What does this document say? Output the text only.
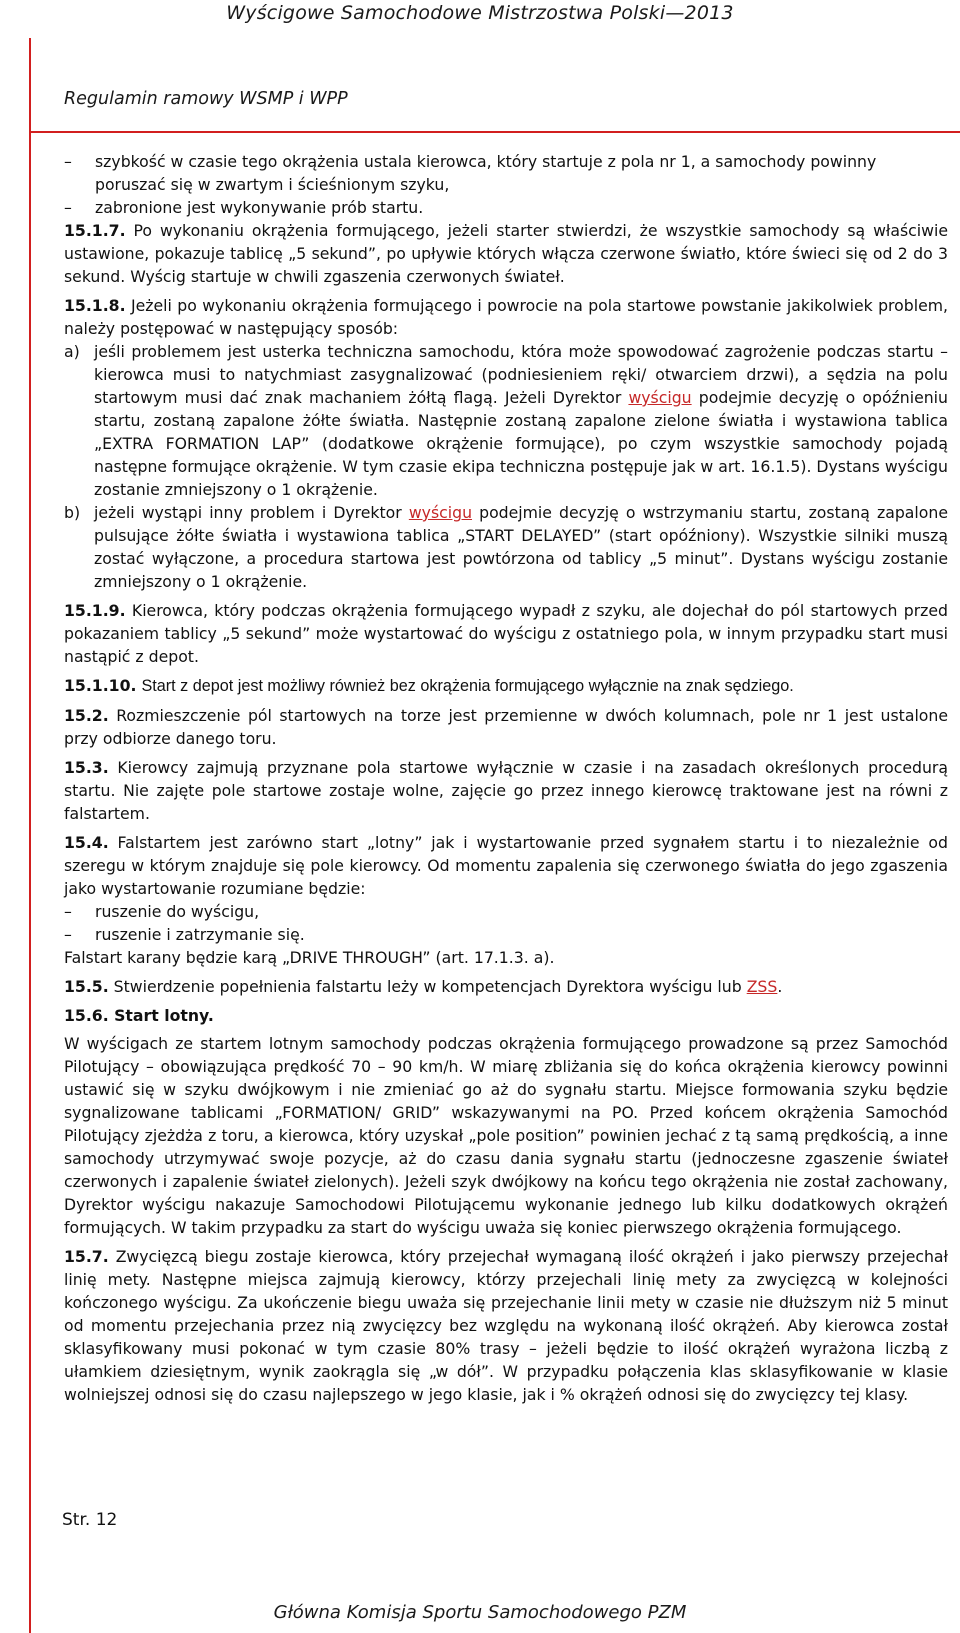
Wyścigowe Samochodowe Mistrzostwa Polski—2013
Regulamin ramowy WSMP i WPP

– szybkość w czasie tego okrążenia ustala kierowca, który startuje z pola nr 1, a samochody powinny poruszać się w zwartym i ścieśnionym szyku,

– zabronione jest wykonywanie prób startu.

15.1.7. Po wykonaniu okrążenia formującego, jeżeli starter stwierdzi, że wszystkie samochody są właściwie ustawione, pokazuje tablicę „5 sekund”, po upływie których włącza czerwone światło, które świeci się od 2 do 3 sekund. Wyścig startuje w chwili zgaszenia czerwonych świateł.

15.1.8. Jeżeli po wykonaniu okrążenia formującego i powrocie na pola startowe powstanie jakikolwiek problem, należy postępować w następujący sposób:

a) jeśli problemem jest usterka techniczna samochodu, która może spowodować zagrożenie podczas startu – kierowca musi to natychmiast zasygnalizować (podniesieniem ręki/ otwarciem drzwi), a sędzia na polu startowym musi dać znak machaniem żółtą flagą. Jeżeli Dyrektor wyścigu podejmie decyzję o opóźnieniu startu, zostaną zapalone żółte światła. Następnie zostaną zapalone zielone światła i wystawiona tablica „EXTRA FORMATION LAP” (dodatkowe okrążenie formujące), po czym wszystkie samochody pojadą następne formujące okrążenie. W tym czasie ekipa techniczna postępuje jak w art. 16.1.5). Dystans wyścigu zostanie zmniejszony o 1 okrążenie.

b) jeżeli wystąpi inny problem i Dyrektor wyścigu podejmie decyzję o wstrzymaniu startu, zostaną zapalone pulsujące żółte światła i wystawiona tablica „START DELAYED” (start opóźniony). Wszystkie silniki muszą zostać wyłączone, a procedura startowa jest powtórzona od tablicy „5 minut”. Dystans wyścigu zostanie zmniejszony o 1 okrążenie.

15.1.9. Kierowca, który podczas okrążenia formującego wypadł z szyku, ale dojechał do pól startowych przed pokazaniem tablicy „5 sekund” może wystartować do wyścigu z ostatniego pola, w innym przypadku start musi nastąpić z depot.

15.1.10. Start z depot jest możliwy również bez okrążenia formującego wyłącznie na znak sędziego.

15.2. Rozmieszczenie pól startowych na torze jest przemienne w dwóch kolumnach, pole nr 1 jest ustalone przy odbiorze danego toru.

15.3. Kierowcy zajmują przyznane pola startowe wyłącznie w czasie i na zasadach określonych procedurą startu. Nie zajęte pole startowe zostaje wolne, zajęcie go przez innego kierowcę traktowane jest na równi z falstartem.

15.4. Falstartem jest zarówno start „lotny” jak i wystartowanie przed sygnałem startu i to niezależnie od szeregu w którym znajduje się pole kierowcy. Od momentu zapalenia się czerwonego światła do jego zgaszenia jako wystartowanie rozumiane będzie:

– ruszenie do wyścigu,

– ruszenie i zatrzymanie się.

Falstart karany będzie karą „DRIVE THROUGH” (art. 17.1.3. a).

15.5. Stwierdzenie popełnienia falstartu leży w kompetencjach Dyrektora wyścigu lub ZSS.

15.6. Start lotny.

W wyścigach ze startem lotnym samochody podczas okrążenia formującego prowadzone są przez Samochód Pilotujący – obowiązująca prędkość 70 – 90 km/h. W miarę zbliżania się do końca okrążenia kierowcy powinni ustawić się w szyku dwójkowym i nie zmieniać go aż do sygnału startu. Miejsce formowania szyku będzie sygnalizowane tablicami „FORMATION/ GRID” wskazywanymi na PO. Przed końcem okrążenia Samochód Pilotujący zjeżdża z toru, a kierowca, który uzyskał „pole position” powinien jechać z tą samą prędkością, a inne samochody utrzymywać swoje pozycje, aż do czasu dania sygnału startu (jednoczesne zgaszenie świateł czerwonych i zapalenie świateł zielonych). Jeżeli szyk dwójkowy na końcu tego okrążenia nie został zachowany, Dyrektor wyścigu nakazuje Samochodowi Pilotującemu wykonanie jednego lub kilku dodatkowych okrążeń formujących. W takim przypadku za start do wyścigu uważa się koniec pierwszego okrążenia formującego.

15.7. Zwycięzcą biegu zostaje kierowca, który przejechał wymaganą ilość okrążeń i jako pierwszy przejechał linię mety. Następne miejsca zajmują kierowcy, którzy przejechali linię mety za zwycięzcą w kolejności kończonego wyścigu. Za ukończenie biegu uważa się przejechanie linii mety w czasie nie dłuższym niż 5 minut od momentu przejechania przez nią zwycięzcy bez względu na wykonaną ilość okrążeń. Aby kierowca został sklasyfikowany musi pokonać w tym czasie 80% trasy – jeżeli będzie to ilość okrążeń wyrażona liczbą z ułamkiem dziesiętnym, wynik zaokrągla się „w dół”. W przypadku połączenia klas sklasyfikowanie w klasie wolniejszej odnosi się do czasu najlepszego w jego klasie, jak i % okrążeń odnosi się do zwycięzcy tej klasy.

Str. 12
Główna Komisja Sportu Samochodowego PZM
